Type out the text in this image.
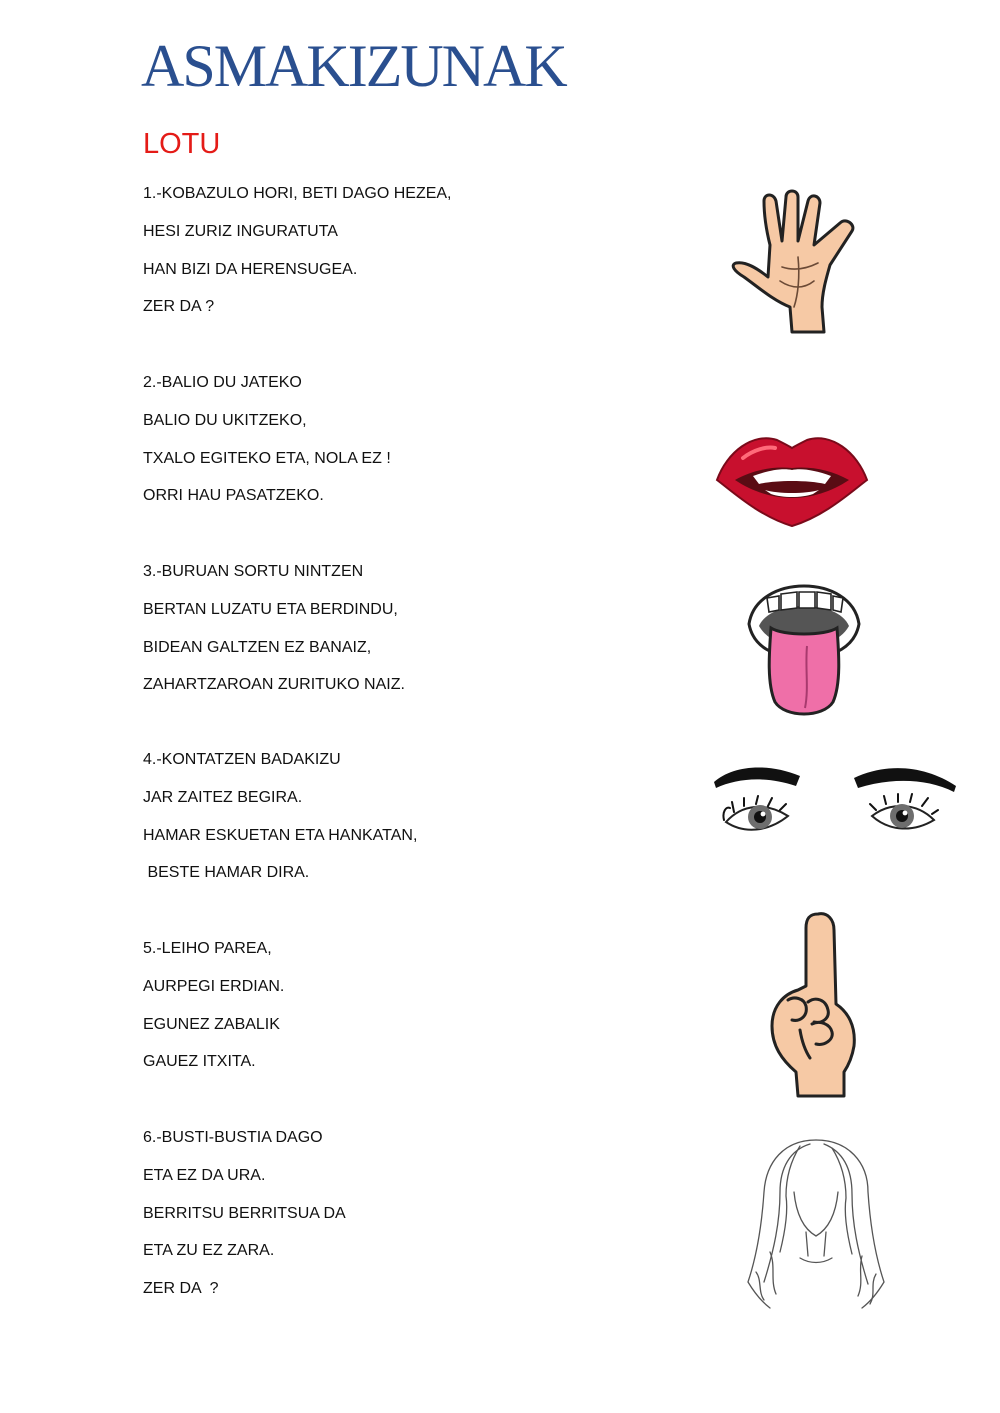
ASMAKIZUNAK
LOTU
1.-KOBAZULO HORI, BETI DAGO HEZEA,
HESI ZURIZ INGURATUTA
HAN BIZI DA HERENSUGEA.
ZER DA ?
2.-BALIO DU JATEKO
BALIO DU UKITZEKO,
TXALO EGITEKO ETA, NOLA EZ !
ORRI HAU PASATZEKO.
3.-BURUAN SORTU NINTZEN
BERTAN LUZATU ETA BERDINDU,
BIDEAN GALTZEN EZ BANAIZ,
ZAHARTZAROAN ZURITUKO NAIZ.
4.-KONTATZEN BADAKIZU
JAR ZAITEZ BEGIRA.
HAMAR ESKUETAN ETA HANKATAN,
BESTE HAMAR DIRA.
5.-LEIHO PAREA,
AURPEGI ERDIAN.
EGUNEZ ZABALIK
GAUEZ ITXITA.
6.-BUSTI-BUSTIA DAGO
ETA EZ DA URA.
BERRITSU BERRITSUA DA
ETA ZU EZ ZARA.
ZER DA  ?
